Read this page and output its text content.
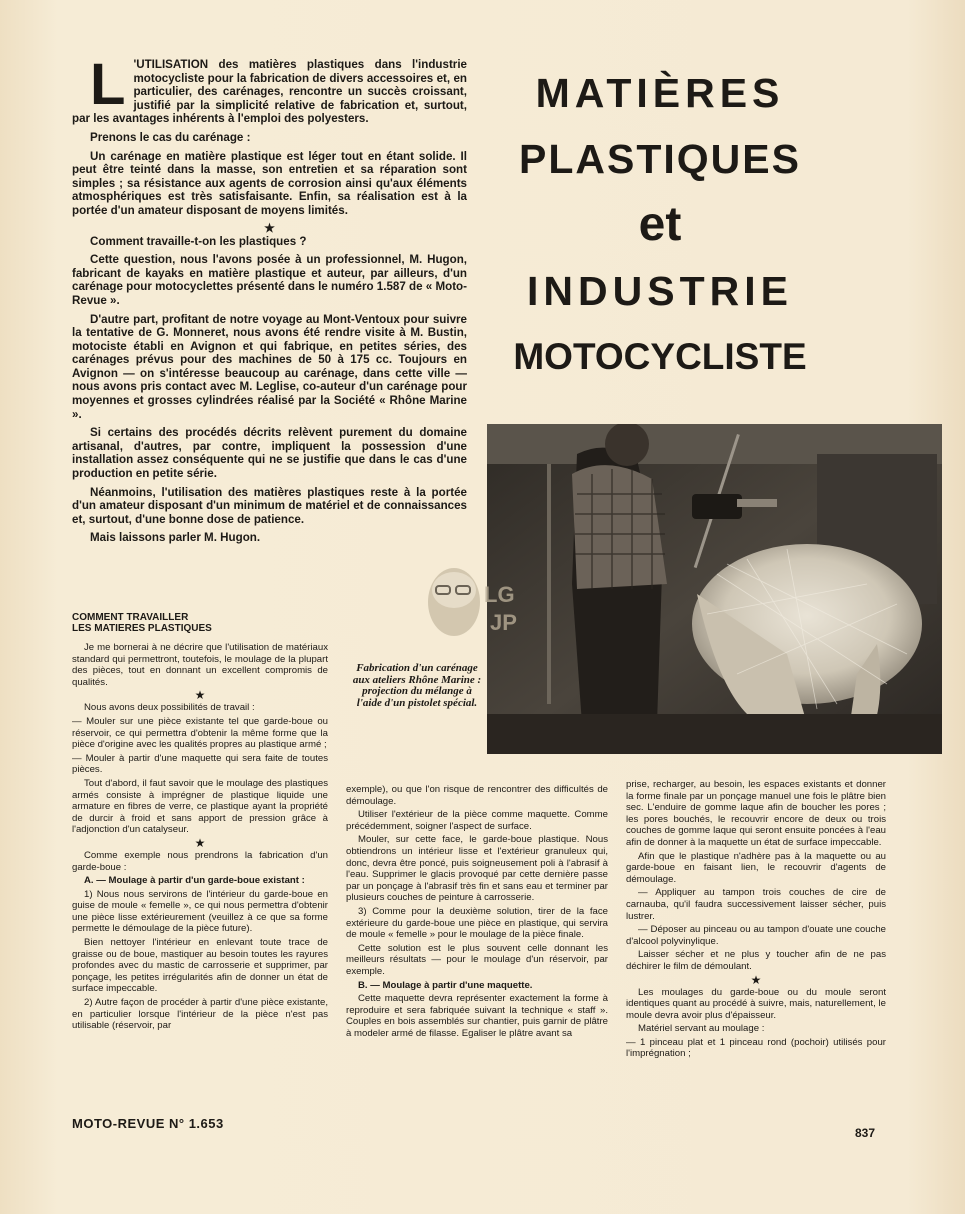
L 'UTILISATION des matières plastiques dans l'industrie motocycliste pour la fabrication de divers accessoires et, en particulier, des carénages, rencontre un succès croissant, justifié par la simplicité relative de fabrication et, surtout, par les avantages inhérents à l'emploi des polyesters.

Prenons le cas du carénage :

Un carénage en matière plastique est léger tout en étant solide. Il peut être teinté dans la masse, son entretien et sa réparation sont simples ; sa résistance aux agents de corrosion ainsi qu'aux éléments atmosphériques est très satisfaisante. Enfin, sa réalisation est à la portée d'un amateur disposant de moyens limités.

★

Comment travaille-t-on les plastiques ?

Cette question, nous l'avons posée à un professionnel, M. Hugon, fabricant de kayaks en matière plastique et auteur, par ailleurs, d'un carénage pour motocyclettes présenté dans le numéro 1.587 de « Moto-Revue ».

D'autre part, profitant de notre voyage au Mont-Ventoux pour suivre la tentative de G. Monneret, nous avons été rendre visite à M. Bustin, motociste établi en Avignon et qui fabrique, en petites séries, des carénages prévus pour des machines de 50 à 175 cc. Toujours en Avignon — on s'intéresse beaucoup au carénage, dans cette ville — nous avons pris contact avec M. Leglise, co-auteur d'un carénage pour moyennes et grosses cylindrées réalisé par la Société « Rhône Marine ».

Si certains des procédés décrits relèvent purement du domaine artisanal, d'autres, par contre, impliquent la possession d'une installation assez conséquente qui ne se justifie que dans le cas d'une production en petite série.

Néanmoins, l'utilisation des matières plastiques reste à la portée d'un amateur disposant d'un minimum de matériel et de connaissances et, surtout, d'une bonne dose de patience.

Mais laissons parler M. Hugon.

MATIÈRES
PLASTIQUES
et
INDUSTRIE
MOTOCYCLISTE
LG
JP
Fabrication d'un carénage aux ateliers Rhône Marine : projection du mélange à l'aide d'un pistolet spécial.
COMMENT TRAVAILLER
LES MATIERES PLASTIQUES

Je me bornerai à ne décrire que l'utilisation de matériaux standard qui permettront, toutefois, le moulage de la plupart des pièces, tout en donnant un excellent compromis de qualités.

★

Nous avons deux possibilités de travail :

— Mouler sur une pièce existante tel que garde-boue ou réservoir, ce qui permettra d'obtenir la même forme que la pièce d'origine avec les qualités propres au plastique armé ;

— Mouler à partir d'une maquette qui sera faite de toutes pièces.

Tout d'abord, il faut savoir que le moulage des plastiques armés consiste à imprégner de plastique liquide une armature en fibres de verre, ce plastique ayant la propriété de durcir à froid et sans apport de pression grâce à l'adjonction d'un catalyseur.

★

Comme exemple nous prendrons la fabrication d'un garde-boue :

A. — Moulage à partir d'un garde-boue existant :

1) Nous nous servirons de l'intérieur du garde-boue en guise de moule « femelle », ce qui nous permettra d'obtenir une pièce lisse extérieurement (veuillez à ce que sa forme permette le démoulage de la pièce future).

Bien nettoyer l'intérieur en enlevant toute trace de graisse ou de boue, mastiquer au besoin toutes les rayures profondes avec du mastic de carrosserie et supprimer, par ponçage, les petites irrégularités afin de donner un état de surface impeccable.

2) Autre façon de procéder à partir d'une pièce existante, en particulier lorsque l'intérieur de la pièce n'est pas utilisable (réservoir, par

exemple), ou que l'on risque de rencontrer des difficultés de démoulage.

Utiliser l'extérieur de la pièce comme maquette. Comme précédemment, soigner l'aspect de surface.

Mouler, sur cette face, le garde-boue plastique. Nous obtiendrons un intérieur lisse et l'extérieur granuleux qui, donc, devra être poncé, puis soigneusement poli à l'abrasif à l'eau. Supprimer le glacis provoqué par cette dernière passe par un ponçage à l'abrasif très fin et sans eau et terminer par plusieurs couches de peinture à carrosserie.

3) Comme pour la deuxième solution, tirer de la face extérieure du garde-boue une pièce en plastique, qui servira de moule « femelle » pour le moulage de la pièce finale.

Cette solution est le plus souvent celle donnant les meilleurs résultats — pour le moulage d'un réservoir, par exemple.

B. — Moulage à partir d'une maquette.

Cette maquette devra représenter exactement la forme à reproduire et sera fabriquée suivant la technique « staff ». Couples en bois assemblés sur chantier, puis garnir de plâtre à modeler armé de filasse. Egaliser le plâtre avant sa

prise, recharger, au besoin, les espaces existants et donner la forme finale par un ponçage manuel une fois le plâtre bien sec. L'enduire de gomme laque afin de boucher les pores ; les pores bouchés, le recouvrir encore de deux ou trois couches de gomme laque qui seront ensuite poncées à l'eau afin de donner à la maquette un état de surface impeccable.

Afin que le plastique n'adhère pas à la maquette ou au garde-boue en faisant lien, le recouvrir d'agents de démoulage.

— Appliquer au tampon trois couches de cire de carnauba, qu'il faudra successivement laisser sécher, puis lustrer.

— Déposer au pinceau ou au tampon d'ouate une couche d'alcool polyvinylique.

Laisser sécher et ne plus y toucher afin de ne pas déchirer le film de démoulant.

★

Les moulages du garde-boue ou du moule seront identiques quant au procédé à suivre, mais, naturellement, le moule devra avoir plus d'épaisseur.

Matériel servant au moulage :

— 1 pinceau plat et 1 pinceau rond (pochoir) utilisés pour l'imprégnation ;

MOTO-REVUE N° 1.653
837
